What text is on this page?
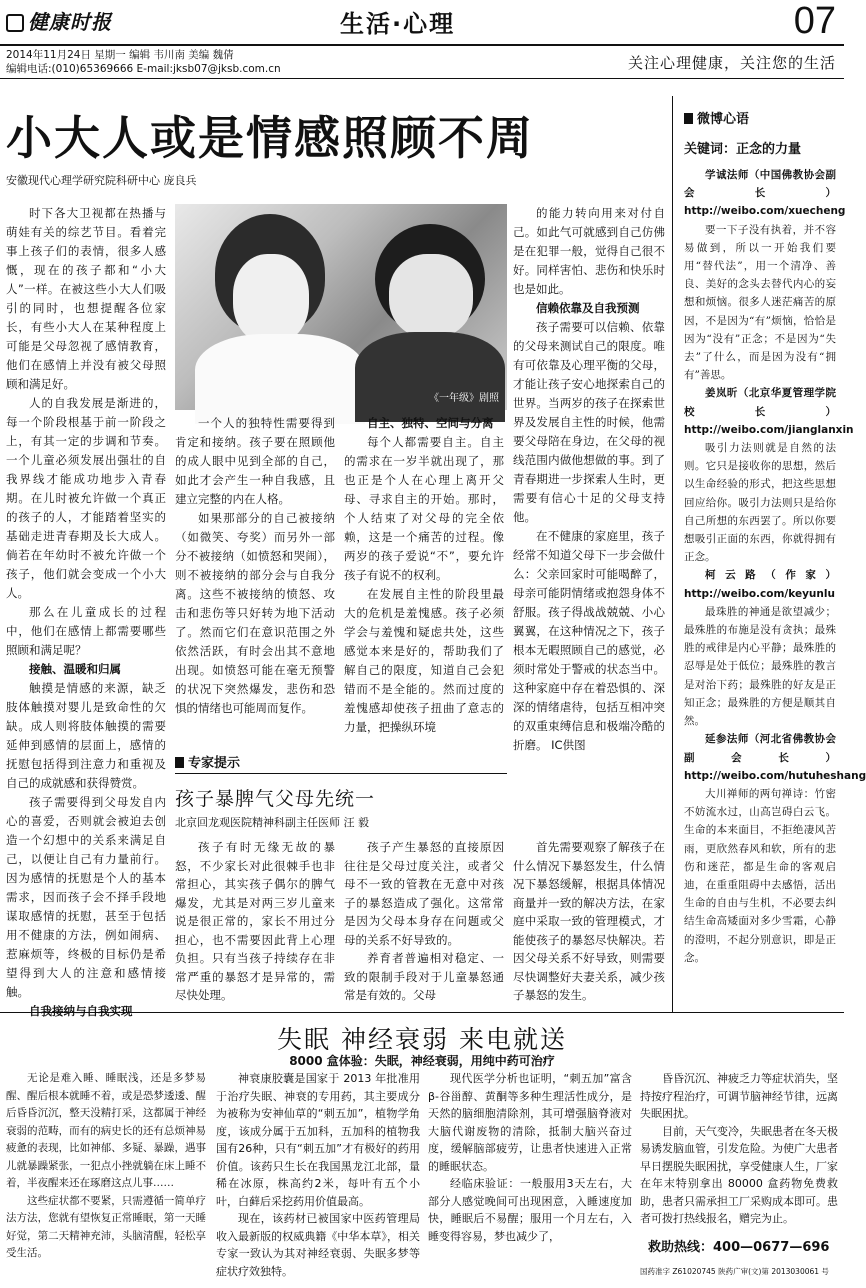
健康时报	生活·心理	07
2014年11月24日 星期一 编辑 韦川南 美编 魏倩
编辑电话:(010)65369666 E-mail:jksb07@jksb.com.cn	关注心理健康，关注您的生活
小大人或是情感照顾不周
安徽现代心理学研究院科研中心 庞良兵

时下各大卫视都在热播与萌娃有关的综艺节目。看着完事上孩子们的表情，很多人感慨，现在的孩子都和“小大人”一样。在被这些小大人们吸引的同时，也想提醒各位家长，有些小大人在某种程度上可能是父母忽视了感情教育，他们在感情上并没有被父母照顾和满足好。

人的自我发展是渐进的，每一个阶段根基于前一阶段之上，有其一定的步调和节奏。一个儿童必须发展出强壮的自我界线才能成功地步入青春期。在儿时被允许做一个真正的孩子的人，才能踏着坚实的基础走进青春期及长大成人。倘若在年幼时不被允许做一个孩子，他们就会变成一个小大人。

那么在儿童成长的过程中，他们在感情上都需要哪些照顾和满足呢？

接触、温暖和归属

触摸是情感的来源，缺乏肢体触摸对婴儿是致命性的欠缺。成人则将肢体触摸的需要延伸到感情的层面上，感情的抚慰包括得到注意力和重视及自己的成就感和获得赞赏。

孩子需要得到父母发自内心的喜爱，否则就会被迫去创造一个幻想中的关系来满足自己，以便让自己有力量前行。因为感情的抚慰是个人的基本需求，因而孩子会不择手段地谋取感情的抚慰，甚至于包括用不健康的方法，例如闹病、惹麻烦等，终极的目标仍是希望得到大人的注意和感情接触。

自我接纳与自我实现

《一年级》剧照

一个人的独特性需要得到肯定和接纳。孩子要在照顾他的成人眼中见到全部的自己，如此才会产生一种自我感，且建立完整的内在人格。

如果那部分的自己被接纳（如微笑、夸奖）而另外一部分不被接纳（如愤怒和哭闹），则不被接纳的部分会与自我分离。这些不被接纳的愤怒、攻击和悲伤等只好转为地下活动了。然而它们在意识范围之外依然活跃，有时会出其不意地出现。如愤怒可能在毫无预警的状况下突然爆发，悲伤和恐惧的情绪也可能周而复作。

自主、独特、空间与分离

每个人都需要自主。自主的需求在一岁半就出现了，那也正是个人在心理上离开父母、寻求自主的开始。那时，个人结束了对父母的完全依赖，这是一个痛苦的过程。像两岁的孩子爱说“不”，要允许孩子有说不的权利。

在发展自主性的阶段里最大的危机是羞愧感。孩子必须学会与羞愧和疑虑共处，这些感觉本来是好的，帮助我们了解自己的限度，知道自己会犯错而不是全能的。然而过度的羞愧感却使孩子扭曲了意志的力量，把操纵环境

的能力转向用来对付自己。如此气可就感到自己仿佛是在犯罪一般，觉得自己很不好。同样害怕、悲伤和快乐时也是如此。

信赖依靠及自我预测

孩子需要可以信赖、依靠的父母来测试自己的限度。唯有可依靠及心理平衡的父母，才能让孩子安心地探索自己的世界。当两岁的孩子在探索世界及发展自主性的时候，他需要父母陪在身边，在父母的视线范围内做他想做的事。到了青春期进一步探索人生时，更需要有信心十足的父母支持他。

在不健康的家庭里，孩子经常不知道父母下一步会做什么：父亲回家时可能喝醉了，母亲可能阴情绪或抱怨身体不舒服。孩子得战战兢兢、小心翼翼，在这种情况之下，孩子根本无暇照顾自己的感觉，必须时常处于警戒的状态当中。这种家庭中存在着恐惧的、深深的情绪虐待，包括互相冲突的双重束缚信息和极端冷酷的折磨。 IC供图

专家提示
孩子暴脾气父母先统一
北京回龙观医院精神科副主任医师 汪 毅

孩子有时无缘无故的暴怒，不少家长对此很棘手也非常担心，其实孩子偶尔的脾气爆发，尤其是对两三岁儿童来说是很正常的，家长不用过分担心，也不需要因此背上心理负担。只有当孩子持续存在非常严重的暴怒才是异常的，需尽快处理。

孩子产生暴怒的直接原因往往是父母过度关注，或者父母不一致的管教在无意中对孩子的暴怒造成了强化。这常常是因为父母本身存在问题或父母的关系不好导致的。

养育者普遍相对稳定、一致的限制手段对于儿童暴怒通常是有效的。父母

首先需要观察了解孩子在什么情况下暴怒发生，什么情况下暴怒缓解，根据具体情况商量并一致的解决方法，在家庭中采取一致的管理模式，才能使孩子的暴怒尽快解决。若因父母关系不好导致，则需要尽快调整好夫妻关系，减少孩子暴怒的发生。

微博心语
关键词：正念的力量

学诚法师（中国佛教协会副会长）http://weibo.com/xuecheng

要一下子没有执着，并不容易做到，所以一开始我们要用“替代法”，用一个清净、善良、美好的念头去替代内心的妄想和烦恼。很多人迷茫痛苦的原因，不是因为“有”烦恼，恰恰是因为“没有”正念；不是因为“失去”了什么，而是因为没有“拥有”善思。

姜岚昕（北京华夏管理学院校长）http://weibo.com/jianglanxin

吸引力法则就是自然的法则。它只是接收你的思想，然后以生命经验的形式，把这些思想回应给你。吸引力法则只是给你自己所想的东西罢了。所以你要想吸引正面的东西，你就得拥有正念。

柯云路（作家）http://weibo.com/keyunlu

最珠胜的神通是欲望减少；最殊胜的布施是没有贪执；最殊胜的戒律是内心平静；最殊胜的忍辱是处于低位；最殊胜的教言是对治下药；最殊胜的好友是正知正念；最殊胜的方便是顺其自然。

延参法师（河北省佛教协会副会长）http://weibo.com/hutuheshang

大川禅师的两句禅诗：竹密不妨流水过，山高岂碍白云飞。生命的本来面目，不拒绝凄风苦雨，更欣然春风和软，所有的悲伤和迷茫，都是生命的客观启迪，在重重阻碍中去感悟，活出生命的自由与生机，不必要去纠结生命高矮面对多少雪霜，心静的澄明，不起分别意识，即是正念。

失眠 神经衰弱 来电就送
8000 盒体验：失眠，神经衰弱，用纯中药可治疗

无论是难入睡、睡眠浅，还是多梦易醒、醒后根本就睡不着，或是恐梦逶逶、醒后昏昏沉沉，整天没精打采，这都属于神经衰弱的范畴，而有的病史长的还有总烦神易疲惫的表现，比如神郁、多疑、暴躁，遇事儿就暴躁紧张，一犯点小挫就躺在床上睡不着，半夜醒来还在琢磨这点儿事……

这些症状都不要紧，只需遵循一简单疗法方法，您就有望恢复正常睡眠，第一天睡好觉，第二天精神充沛，头脑清醒，轻松享受生活。

神衰康胶囊是国家于 2013 年批准用于治疗失眠、神衰的专用药，其主要成分为被称为安神仙草的“刺五加”，植物学角度，该成分属于五加科，五加科的植物我国有26种，只有“刺五加”才有极好的药用价值。该药只生长在我国黑龙江北部，量稀在冰原，株高约2米，每叶有五个小叶，白藓后采挖药用价值最高。

现在，该药材已被国家中医药管理局收入最新版的权威典籍《中华本草》，相关专家一致认为其对神经衰弱、失眠多梦等症状疗效独特。

现代医学分析也证明，“刺五加”富含 β-谷甾醇、黄酮等多种生理活性成分，是天然的脑细胞清除剂，其可增强脑脊液对大脑代谢废物的清除，抵制大脑兴奋过度，缓解脑部疲劳，让患者快速进入正常的睡眠状态。

经临床验证：一般服用3天左右，大部分人感觉晚间可出现困意，入睡速度加快，睡眠后不易醒；服用一个月左右，入睡变得容易，梦也减少了，

昏昏沉沉、神疲乏力等症状消失，坚持按疗程治疗，可调节脑神经节律，远离失眠困扰。

目前，天气变冷，失眠患者在冬天极易诱发脑血管，引发危险。为使广大患者早日摆脱失眠困扰，享受健康人生，厂家在年末特别拿出 80000 盒药物免费救助，患者只需承担工厂采购成本即可。患者可拨打热线报名，赠完为止。

救助热线：400—0677—696
国药准字 Z61020745 陕药广审(文)第 2013030061 号
